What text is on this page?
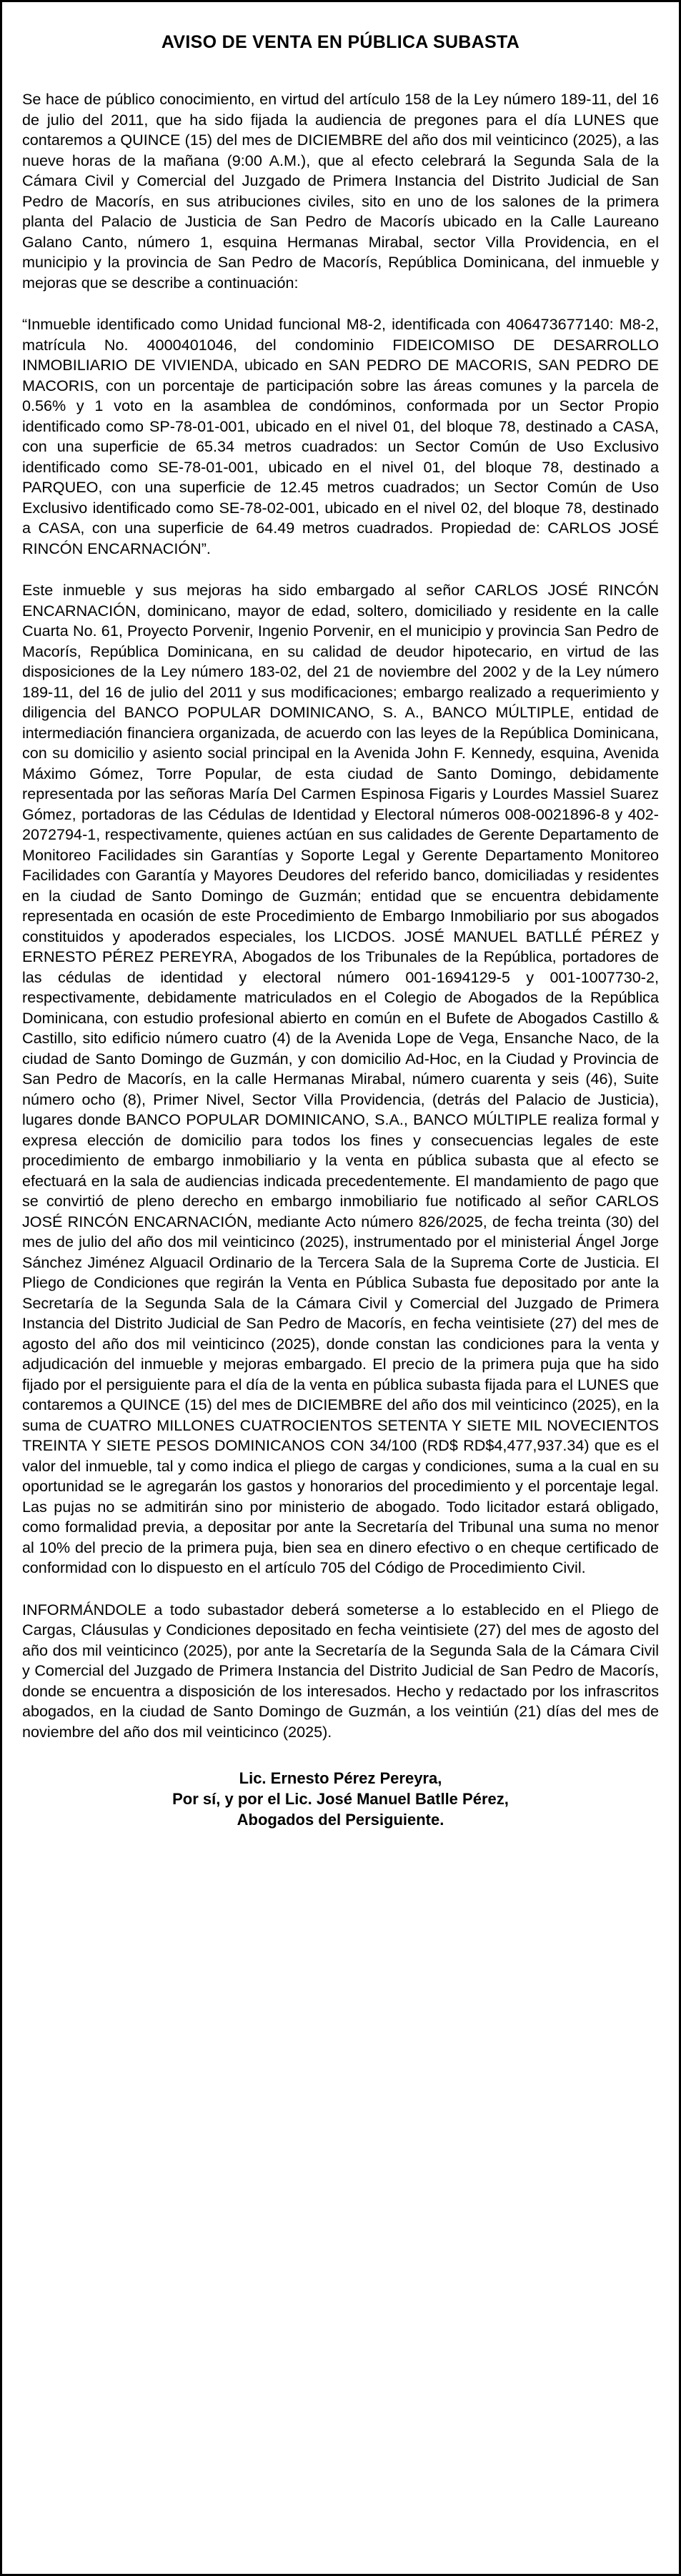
AVISO DE VENTA EN PÚBLICA SUBASTA

Se hace de público conocimiento, en virtud del artículo 158 de la Ley número 189-11, del 16 de julio del 2011, que ha sido fijada la audiencia de pregones para el día LUNES que contaremos a QUINCE (15) del mes de DICIEMBRE del año dos mil veinticinco (2025), a las nueve horas de la mañana (9:00 A.M.), que al efecto celebrará la Segunda Sala de la Cámara Civil y Comercial del Juzgado de Primera Instancia del Distrito Judicial de San Pedro de Macorís, en sus atribuciones civiles, sito en uno de los salones de la primera planta del Palacio de Justicia de San Pedro de Macorís ubicado en la Calle Laureano Galano Canto, número 1, esquina Hermanas Mirabal, sector Villa Providencia, en el municipio y la provincia de San Pedro de Macorís, República Dominicana, del inmueble y mejoras que se describe a continuación:

“Inmueble identificado como Unidad funcional M8-2, identificada con 406473677140: M8-2, matrícula No. 4000401046, del condominio FIDEICOMISO DE DESARROLLO INMOBILIARIO DE VIVIENDA, ubicado en SAN PEDRO DE MACORIS, SAN PEDRO DE MACORIS, con un porcentaje de participación sobre las áreas comunes y la parcela de 0.56% y 1 voto en la asamblea de condóminos, conformada por un Sector Propio identificado como SP-78-01-001, ubicado en el nivel 01, del bloque 78, destinado a CASA, con una superficie de 65.34 metros cuadrados: un Sector Común de Uso Exclusivo identificado como SE-78-01-001, ubicado en el nivel 01, del bloque 78, destinado a PARQUEO, con una superficie de 12.45 metros cuadrados; un Sector Común de Uso Exclusivo identificado como SE-78-02-001, ubicado en el nivel 02, del bloque 78, destinado a CASA, con una superficie de 64.49 metros cuadrados. Propiedad de: CARLOS JOSÉ RINCÓN ENCARNACIÓN”.

Este inmueble y sus mejoras ha sido embargado al señor CARLOS JOSÉ RINCÓN ENCARNACIÓN, dominicano, mayor de edad, soltero, domiciliado y residente en la calle Cuarta No. 61, Proyecto Porvenir, Ingenio Porvenir, en el municipio y provincia San Pedro de Macorís, República Dominicana, en su calidad de deudor hipotecario, en virtud de las disposiciones de la Ley número 183-02, del 21 de noviembre del 2002 y de la Ley número 189-11, del 16 de julio del 2011 y sus modificaciones; embargo realizado a requerimiento y diligencia del BANCO POPULAR DOMINICANO, S. A., BANCO MÚLTIPLE, entidad de intermediación financiera organizada, de acuerdo con las leyes de la República Dominicana, con su domicilio y asiento social principal en la Avenida John F. Kennedy, esquina, Avenida Máximo Gómez, Torre Popular, de esta ciudad de Santo Domingo, debidamente representada por las señoras María Del Carmen Espinosa Figaris y Lourdes Massiel Suarez Gómez, portadoras de las Cédulas de Identidad y Electoral números 008-0021896-8 y 402-2072794-1, respectivamente, quienes actúan en sus calidades de Gerente Departamento de Monitoreo Facilidades sin Garantías y Soporte Legal y Gerente Departamento Monitoreo Facilidades con Garantía y Mayores Deudores del referido banco, domiciliadas y residentes en la ciudad de Santo Domingo de Guzmán; entidad que se encuentra debidamente representada en ocasión de este Procedimiento de Embargo Inmobiliario por sus abogados constituidos y apoderados especiales, los LICDOS. JOSÉ MANUEL BATLLÉ PÉREZ y ERNESTO PÉREZ PEREYRA, Abogados de los Tribunales de la República, portadores de las cédulas de identidad y electoral número 001-1694129-5 y 001-1007730-2, respectivamente, debidamente matriculados en el Colegio de Abogados de la República Dominicana, con estudio profesional abierto en común en el Bufete de Abogados Castillo & Castillo, sito edificio número cuatro (4) de la Avenida Lope de Vega, Ensanche Naco, de la ciudad de Santo Domingo de Guzmán, y con domicilio Ad-Hoc, en la Ciudad y Provincia de San Pedro de Macorís, en la calle Hermanas Mirabal, número cuarenta y seis (46), Suite número ocho (8), Primer Nivel, Sector Villa Providencia, (detrás del Palacio de Justicia), lugares donde BANCO POPULAR DOMINICANO, S.A., BANCO MÚLTIPLE realiza formal y expresa elección de domicilio para todos los fines y consecuencias legales de este procedimiento de embargo inmobiliario y la venta en pública subasta que al efecto se efectuará en la sala de audiencias indicada precedentemente. El mandamiento de pago que se convirtió de pleno derecho en embargo inmobiliario fue notificado al señor CARLOS JOSÉ RINCÓN ENCARNACIÓN, mediante Acto número 826/2025, de fecha treinta (30) del mes de julio del año dos mil veinticinco (2025), instrumentado por el ministerial Ángel Jorge Sánchez Jiménez Alguacil Ordinario de la Tercera Sala de la Suprema Corte de Justicia. El Pliego de Condiciones que regirán la Venta en Pública Subasta fue depositado por ante la Secretaría de la Segunda Sala de la Cámara Civil y Comercial del Juzgado de Primera Instancia del Distrito Judicial de San Pedro de Macorís, en fecha veintisiete (27) del mes de agosto del año dos mil veinticinco (2025), donde constan las condiciones para la venta y adjudicación del inmueble y mejoras embargado. El precio de la primera puja que ha sido fijado por el persiguiente para el día de la venta en pública subasta fijada para el LUNES que contaremos a QUINCE (15) del mes de DICIEMBRE del año dos mil veinticinco (2025), en la suma de CUATRO MILLONES CUATROCIENTOS SETENTA Y SIETE MIL NOVECIENTOS TREINTA Y SIETE PESOS DOMINICANOS CON 34/100 (RD$ RD$4,477,937.34) que es el valor del inmueble, tal y como indica el pliego de cargas y condiciones, suma a la cual en su oportunidad se le agregarán los gastos y honorarios del procedimiento y el porcentaje legal. Las pujas no se admitirán sino por ministerio de abogado. Todo licitador estará obligado, como formalidad previa, a depositar por ante la Secretaría del Tribunal una suma no menor al 10% del precio de la primera puja, bien sea en dinero efectivo o en cheque certificado de conformidad con lo dispuesto en el artículo 705 del Código de Procedimiento Civil.

INFORMÁNDOLE a todo subastador deberá someterse a lo establecido en el Pliego de Cargas, Cláusulas y Condiciones depositado en fecha veintisiete (27) del mes de agosto del año dos mil veinticinco (2025), por ante la Secretaría de la Segunda Sala de la Cámara Civil y Comercial del Juzgado de Primera Instancia del Distrito Judicial de San Pedro de Macorís, donde se encuentra a disposición de los interesados. Hecho y redactado por los infrascritos abogados, en la ciudad de Santo Domingo de Guzmán, a los veintiún (21) días del mes de noviembre del año dos mil veinticinco (2025).

Lic. Ernesto Pérez Pereyra,
Por sí, y por el Lic. José Manuel Batlle Pérez,
Abogados del Persiguiente.
